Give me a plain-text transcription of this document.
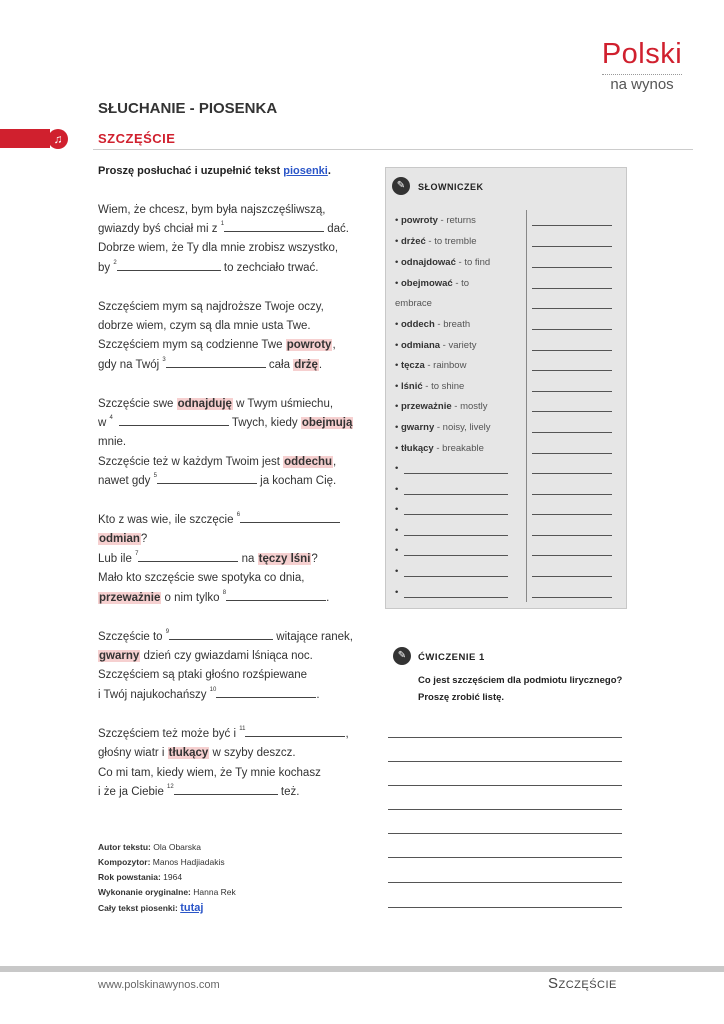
Polski
na wynos
SŁUCHANIE - PIOSENKA
♫	SZCZĘŚCIE
Proszę posłuchać i uzupełnić tekst piosenki.
Wiem, że chcesz, bym była najszczęśliwszą,
gwiazdy byś chciał mi z $^1$	dać.
Dobrze wiem, że Ty dla mnie zrobisz wszystko,
by $^2$	to zechciało trwać.
Szczęściem mym są najdroższe Twoje oczy,
dobrze wiem, czym są dla mnie usta Twe.
Szczęściem mym są codzienne Twe powroty,
gdy na Twój $^3$	cała drżę.
Szczęście swe odnajduję w Twym uśmiechu,
w $^4$	Twych, kiedy obejmują
mnie.
Szczęście też w każdym Twoim jest oddechu,
nawet gdy $^5$	ja kocham Cię.
Kto z was wie, ile szczęcie $^6$
odmian?
Lub ile $^7$	na tęczy lśni?
Mało kto szczęście swe spotyka co dnia,
przeważnie o nim tylko $^8$	.
Szczęście to $^9$	witające ranek,
gwarny dzień czy gwiazdami lśniąca noc.
Szczęściem są ptaki głośno rozśpiewane
i Twój najukochańszy $^{10}$	.
Szczęściem też może być i $^{11}$	,
głośny wiatr i tłukący w szyby deszcz.
Co mi tam, kiedy wiem, że Ty mnie kochasz
i że ja Ciebie $^{12}$	też.
Autor tekstu: Ola Obarska
Kompozytor: Manos Hadjiadakis
Rok powstania: 1964
Wykonanie oryginalne: Hanna Rek
Cały tekst piosenki: tutaj
✎	SŁOWNICZEK
• powroty - returns
• drżeć - to tremble
• odnajdować - to find
• obejmować - to
embrace
• oddech - breath
• odmiana - variety
• tęcza - rainbow
• lśnić - to shine
• przeważnie - mostly
• gwarny - noisy, lively
• tłukący - breakable
•
•
•
•
•
•
•
✎	ĆWICZENIE 1
Co jest szczęściem dla podmiotu lirycznego? Proszę zrobić listę.
www.polskinawynos.com	Szczęście
